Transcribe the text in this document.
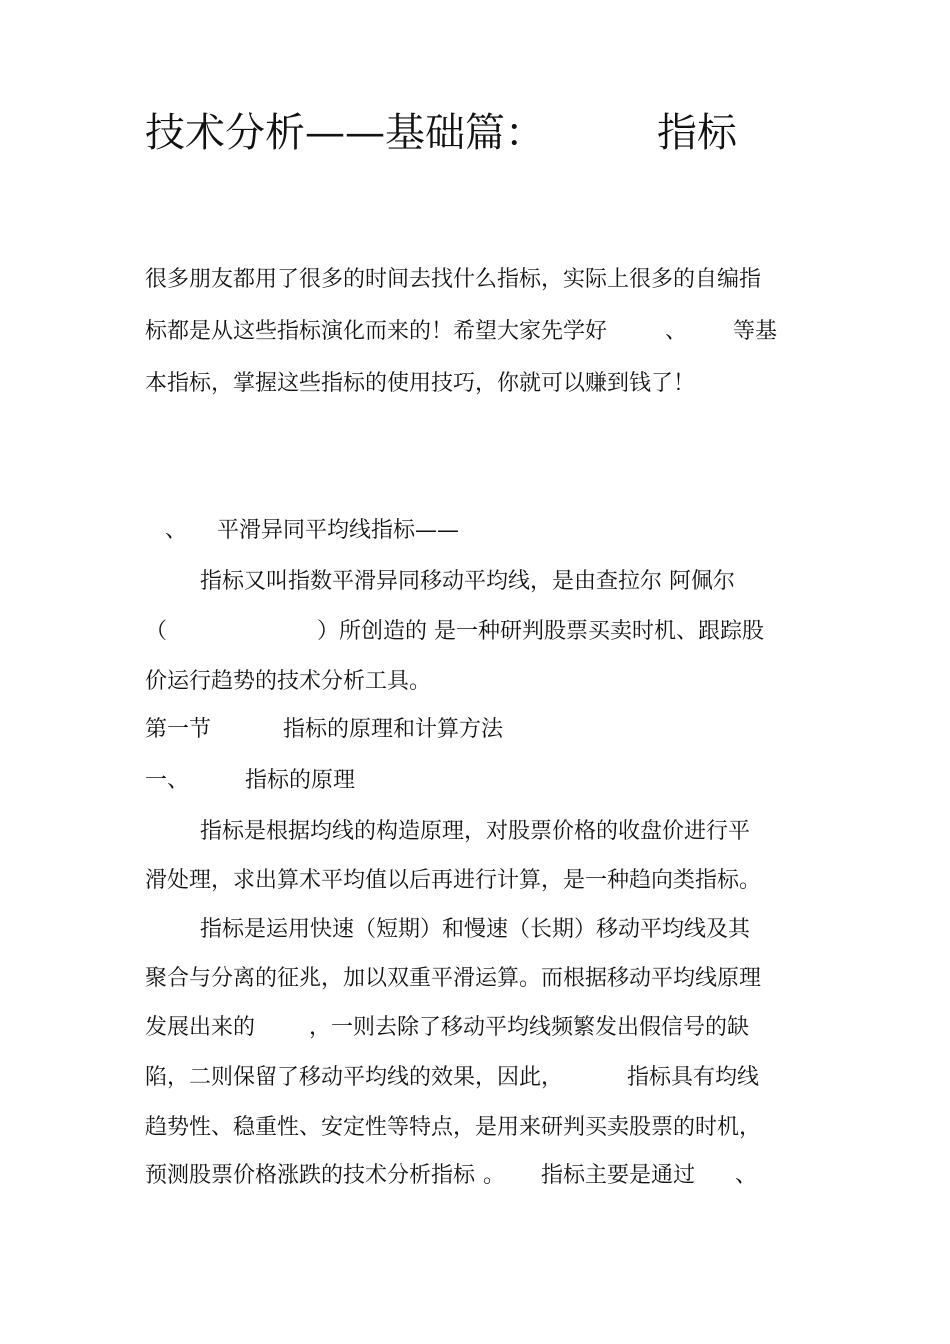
技术分析——基础篇：	指标
很多朋友都用了很多的时间去找什么指标，实际上很多的自编指
标都是从这些指标演化而来的！希望大家先学好	、 等基
本指标，掌握这些指标的使用技巧，你就可以赚到钱了！
、 平滑异同平均线指标——
指标又叫指数平滑异同移动平均线，是由查拉尔 阿佩尔
（	）所创造的 是一种研判股票买卖时机、跟踪股
价运行趋势的技术分析工具。
第一节	指标的原理和计算方法
一、	指标的原理
指标是根据均线的构造原理，对股票价格的收盘价进行平
滑处理，求出算术平均值以后再进行计算，是一种趋向类指标。
指标是运用快速（短期）和慢速（长期）移动平均线及其
聚合与分离的征兆，加以双重平滑运算。而根据移动平均线原理
发展出来的 ，一则去除了移动平均线频繁发出假信号的缺
陷，二则保留了移动平均线的效果，因此，	指标具有均线
趋势性、稳重性、安定性等特点，是用来研判买卖股票的时机，
预测股票价格涨跌的技术分析指标 。 指标主要是通过 、
